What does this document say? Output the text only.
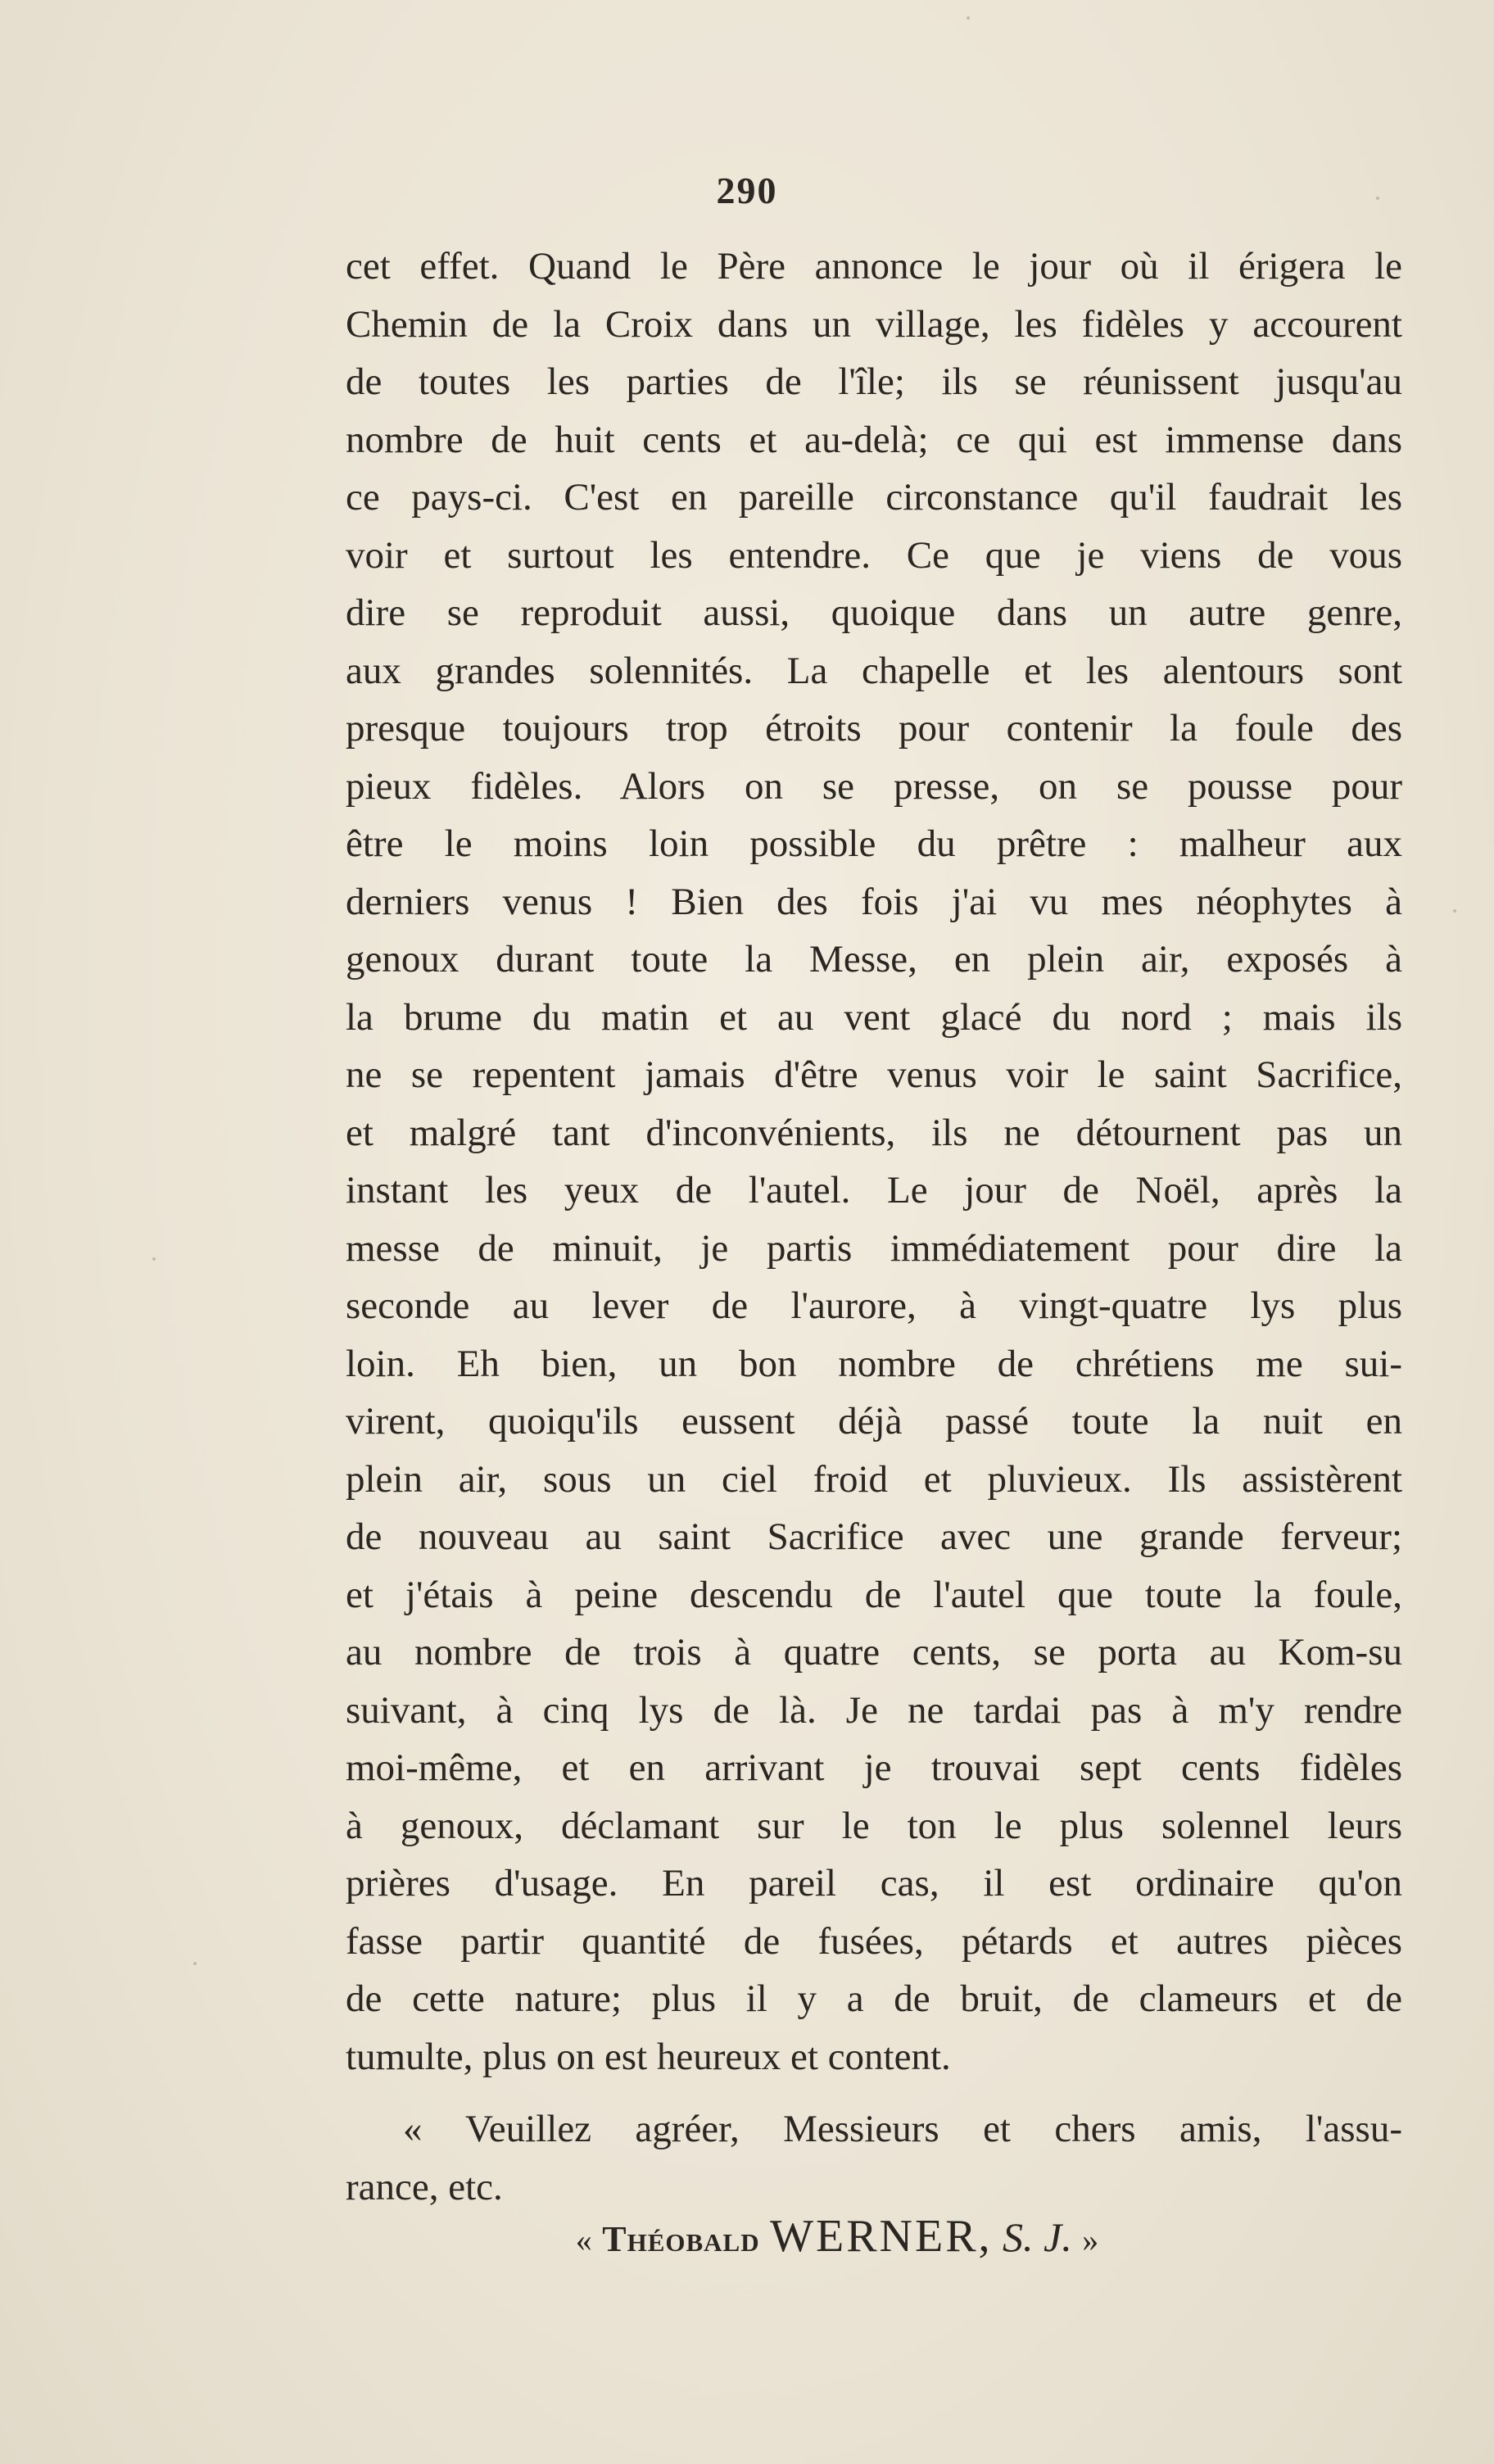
290
cet effet. Quand le Père annonce le jour où il érigera le
Chemin de la Croix dans un village, les fidèles y accourent
de toutes les parties de l'île; ils se réunissent jusqu'au
nombre de huit cents et au-delà; ce qui est immense dans
ce pays-ci. C'est en pareille circonstance qu'il faudrait les
voir et surtout les entendre. Ce que je viens de vous
dire se reproduit aussi, quoique dans un autre genre,
aux grandes solennités. La chapelle et les alentours sont
presque toujours trop étroits pour contenir la foule des
pieux fidèles. Alors on se presse, on se pousse pour
être le moins loin possible du prêtre : malheur aux
derniers venus ! Bien des fois j'ai vu mes néophytes à
genoux durant toute la Messe, en plein air, exposés à
la brume du matin et au vent glacé du nord ; mais ils
ne se repentent jamais d'être venus voir le saint Sacrifice,
et malgré tant d'inconvénients, ils ne détournent pas un
instant les yeux de l'autel. Le jour de Noël, après la
messe de minuit, je partis immédiatement pour dire la
seconde au lever de l'aurore, à vingt-quatre lys plus
loin. Eh bien, un bon nombre de chrétiens me sui-
virent, quoiqu'ils eussent déjà passé toute la nuit en
plein air, sous un ciel froid et pluvieux. Ils assistèrent
de nouveau au saint Sacrifice avec une grande ferveur;
et j'étais à peine descendu de l'autel que toute la foule,
au nombre de trois à quatre cents, se porta au Kom-su
suivant, à cinq lys de là. Je ne tardai pas à m'y rendre
moi-même, et en arrivant je trouvai sept cents fidèles
à genoux, déclamant sur le ton le plus solennel leurs
prières d'usage. En pareil cas, il est ordinaire qu'on
fasse partir quantité de fusées, pétards et autres pièces
de cette nature; plus il y a de bruit, de clameurs et de
tumulte, plus on est heureux et content.
« Veuillez agréer, Messieurs et chers amis, l'assu-
rance, etc.
« Théobald WERNER, S. J. »
